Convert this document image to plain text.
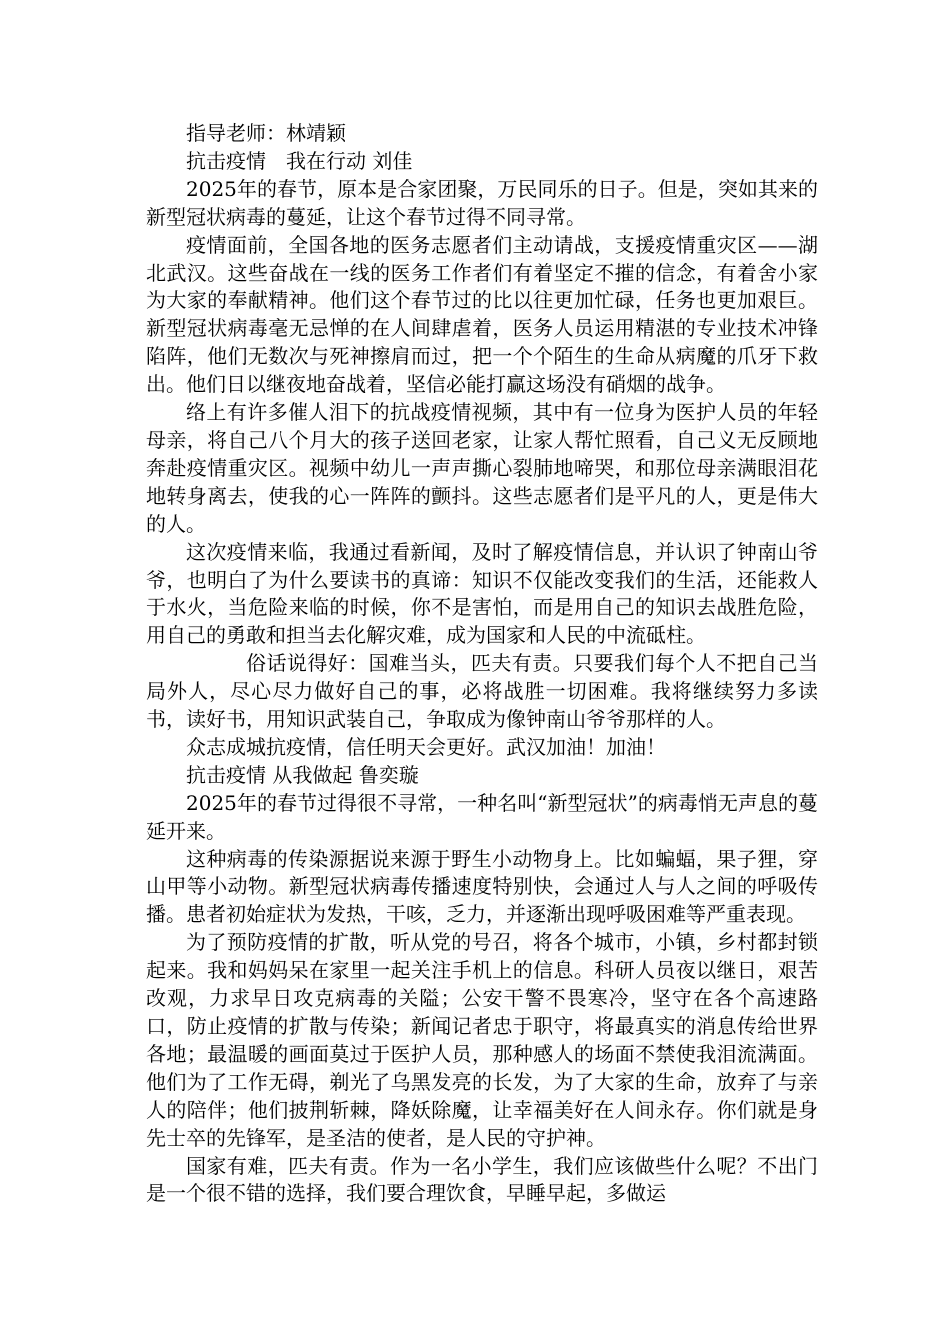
指导老师：林靖颖

抗击疫情　我在行动 刘佳

2025年的春节，原本是合家团聚，万民同乐的日子。但是，突如其来的新型冠状病毒的蔓延，让这个春节过得不同寻常。

疫情面前，全国各地的医务志愿者们主动请战，支援疫情重灾区——湖北武汉。这些奋战在一线的医务工作者们有着坚定不摧的信念，有着舍小家为大家的奉献精神。他们这个春节过的比以往更加忙碌，任务也更加艰巨。新型冠状病毒毫无忌惮的在人间肆虐着，医务人员运用精湛的专业技术冲锋陷阵，他们无数次与死神擦肩而过，把一个个陌生的生命从病魔的爪牙下救出。他们日以继夜地奋战着，坚信必能打赢这场没有硝烟的战争。

络上有许多催人泪下的抗战疫情视频，其中有一位身为医护人员的年轻母亲，将自己八个月大的孩子送回老家，让家人帮忙照看，自己义无反顾地奔赴疫情重灾区。视频中幼儿一声声撕心裂肺地啼哭，和那位母亲满眼泪花地转身离去，使我的心一阵阵的颤抖。这些志愿者们是平凡的人，更是伟大的人。

这次疫情来临，我通过看新闻，及时了解疫情信息，并认识了钟南山爷爷，也明白了为什么要读书的真谛：知识不仅能改变我们的生活，还能救人于水火，当危险来临的时候，你不是害怕，而是用自己的知识去战胜危险，用自己的勇敢和担当去化解灾难，成为国家和人民的中流砥柱。

俗话说得好：国难当头，匹夫有责。只要我们每个人不把自己当局外人，尽心尽力做好自己的事，必将战胜一切困难。我将继续努力多读书，读好书，用知识武装自己，争取成为像钟南山爷爷那样的人。

众志成城抗疫情，信任明天会更好。武汉加油！加油！

抗击疫情 从我做起 鲁奕璇

2025年的春节过得很不寻常，一种名叫“新型冠状”的病毒悄无声息的蔓延开来。

这种病毒的传染源据说来源于野生小动物身上。比如蝙蝠，果子狸，穿山甲等小动物。新型冠状病毒传播速度特别快，会通过人与人之间的呼吸传播。患者初始症状为发热，干咳，乏力，并逐渐出现呼吸困难等严重表现。

为了预防疫情的扩散，听从党的号召，将各个城市，小镇，乡村都封锁起来。我和妈妈呆在家里一起关注手机上的信息。科研人员夜以继日，艰苦改观，力求早日攻克病毒的关隘；公安干警不畏寒冷，坚守在各个高速路口，防止疫情的扩散与传染；新闻记者忠于职守，将最真实的消息传给世界各地；最温暖的画面莫过于医护人员，那种感人的场面不禁使我泪流满面。他们为了工作无碍，剃光了乌黑发亮的长发，为了大家的生命，放弃了与亲人的陪伴；他们披荆斩棘，降妖除魔，让幸福美好在人间永存。你们就是身先士卒的先锋军，是圣洁的使者，是人民的守护神。

国家有难，匹夫有责。作为一名小学生，我们应该做些什么呢？不出门是一个很不错的选择，我们要合理饮食，早睡早起，多做运
